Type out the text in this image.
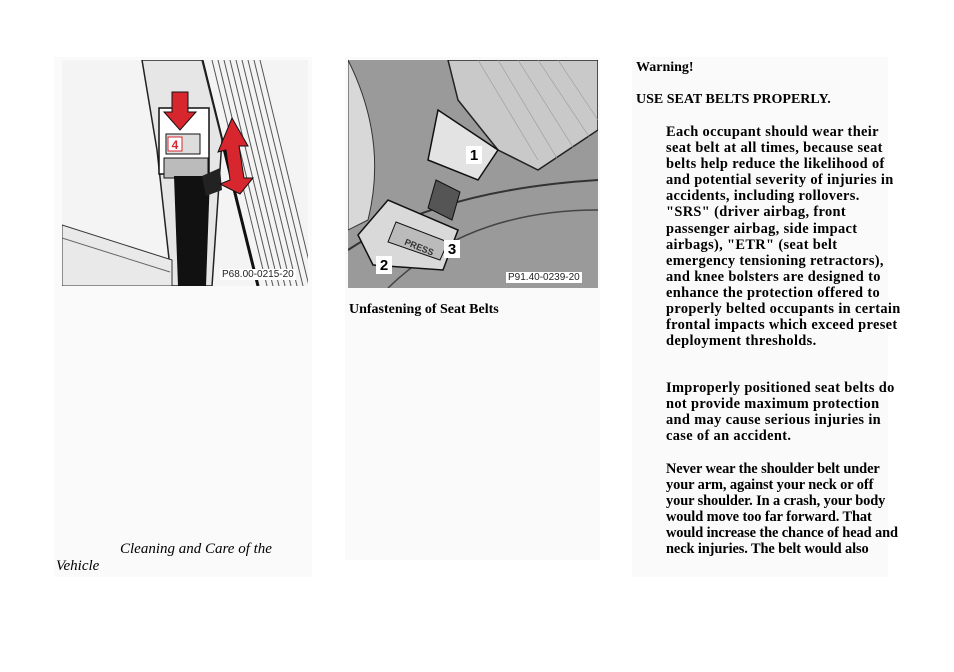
4
P68.00-0215-20
PRESS
1
2
3
P91.40-0239-20
Cleaning and Care of the
Vehicle
Unfastening of Seat Belts
Warning!
USE SEAT BELTS PROPERLY.

Each occupant should wear their seat belt at all times, because seat belts help reduce the likelihood of and potential severity of injuries in accidents, including rollovers. "SRS" (driver airbag, front passenger airbag, side impact airbags), "ETR" (seat belt emergency tensioning retractors), and knee bolsters are designed to enhance the protection offered to properly belted occupants in certain frontal impacts which exceed preset deployment thresholds.

Improperly positioned seat belts do not provide maximum protection and may cause serious injuries in case of an accident.

Never wear the shoulder belt under your arm, against your neck or off your shoulder. In a crash, your body would move too far forward. That would increase the chance of head and neck injuries. The belt would also
